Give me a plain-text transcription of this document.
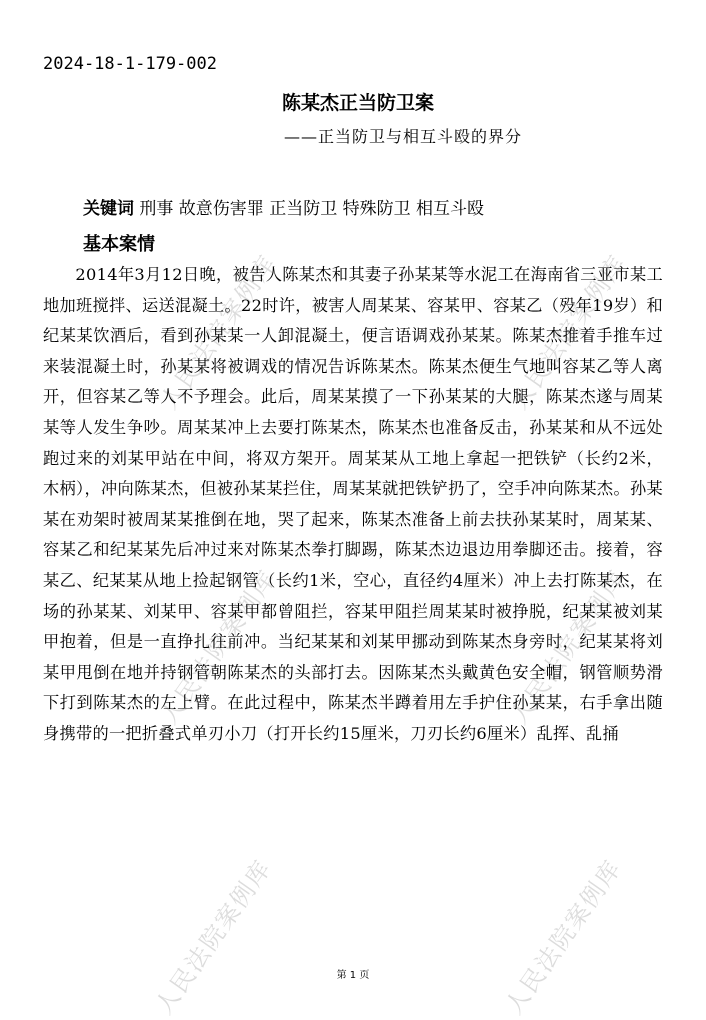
人民法院案例库	人民法院案例库
人民法院案例库	人民法院案例库
人民法院案例库	人民法院案例库
2024-18-1-179-002
陈某杰正当防卫案
——正当防卫与相互斗殴的界分
关键词 刑事 故意伤害罪 正当防卫 特殊防卫 相互斗殴
基本案情

2014年3月12日晚，被告人陈某杰和其妻子孙某某等水泥工在海南省三亚市某工地加班搅拌、运送混凝土。22时许，被害人周某某、容某甲、容某乙（殁年19岁）和纪某某饮酒后，看到孙某某一人卸混凝土，便言语调戏孙某某。陈某杰推着手推车过来装混凝土时，孙某某将被调戏的情况告诉陈某杰。陈某杰便生气地叫容某乙等人离开，但容某乙等人不予理会。此后，周某某摸了一下孙某某的大腿，陈某杰遂与周某某等人发生争吵。周某某冲上去要打陈某杰，陈某杰也准备反击，孙某某和从不远处跑过来的刘某甲站在中间，将双方架开。周某某从工地上拿起一把铁铲（长约2米，木柄），冲向陈某杰，但被孙某某拦住，周某某就把铁铲扔了，空手冲向陈某杰。孙某某在劝架时被周某某推倒在地，哭了起来，陈某杰准备上前去扶孙某某时，周某某、容某乙和纪某某先后冲过来对陈某杰拳打脚踢，陈某杰边退边用拳脚还击。接着，容某乙、纪某某从地上捡起钢管（长约1米，空心，直径约4厘米）冲上去打陈某杰，在场的孙某某、刘某甲、容某甲都曾阻拦，容某甲阻拦周某某时被挣脱，纪某某被刘某甲抱着，但是一直挣扎往前冲。当纪某某和刘某甲挪动到陈某杰身旁时，纪某某将刘某甲甩倒在地并持钢管朝陈某杰的头部打去。因陈某杰头戴黄色安全帽，钢管顺势滑下打到陈某杰的左上臂。在此过程中，陈某杰半蹲着用左手护住孙某某，右手拿出随身携带的一把折叠式单刃小刀（打开长约15厘米，刀刃长约6厘米）乱挥、乱捅

第 1 页
